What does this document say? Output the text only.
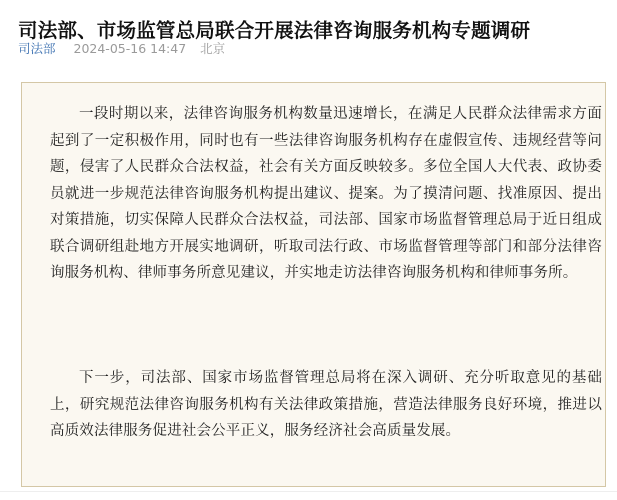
司法部、市场监管总局联合开展法律咨询服务机构专题调研
司法部 2024-05-16 14:47 北京

一段时期以来，法律咨询服务机构数量迅速增长，在满足人民群众法律需求方面起到了一定积极作用，同时也有一些法律咨询服务机构存在虚假宣传、违规经营等问题，侵害了人民群众合法权益，社会有关方面反映较多。多位全国人大代表、政协委员就进一步规范法律咨询服务机构提出建议、提案。为了摸清问题、找准原因、提出对策措施，切实保障人民群众合法权益，司法部、国家市场监督管理总局于近日组成联合调研组赴地方开展实地调研，听取司法行政、市场监督管理等部门和部分法律咨询服务机构、律师事务所意见建议，并实地走访法律咨询服务机构和律师事务所。

下一步，司法部、国家市场监督管理总局将在深入调研、充分听取意见的基础上，研究规范法律咨询服务机构有关法律政策措施，营造法律服务良好环境，推进以高质效法律服务促进社会公平正义，服务经济社会高质量发展。
